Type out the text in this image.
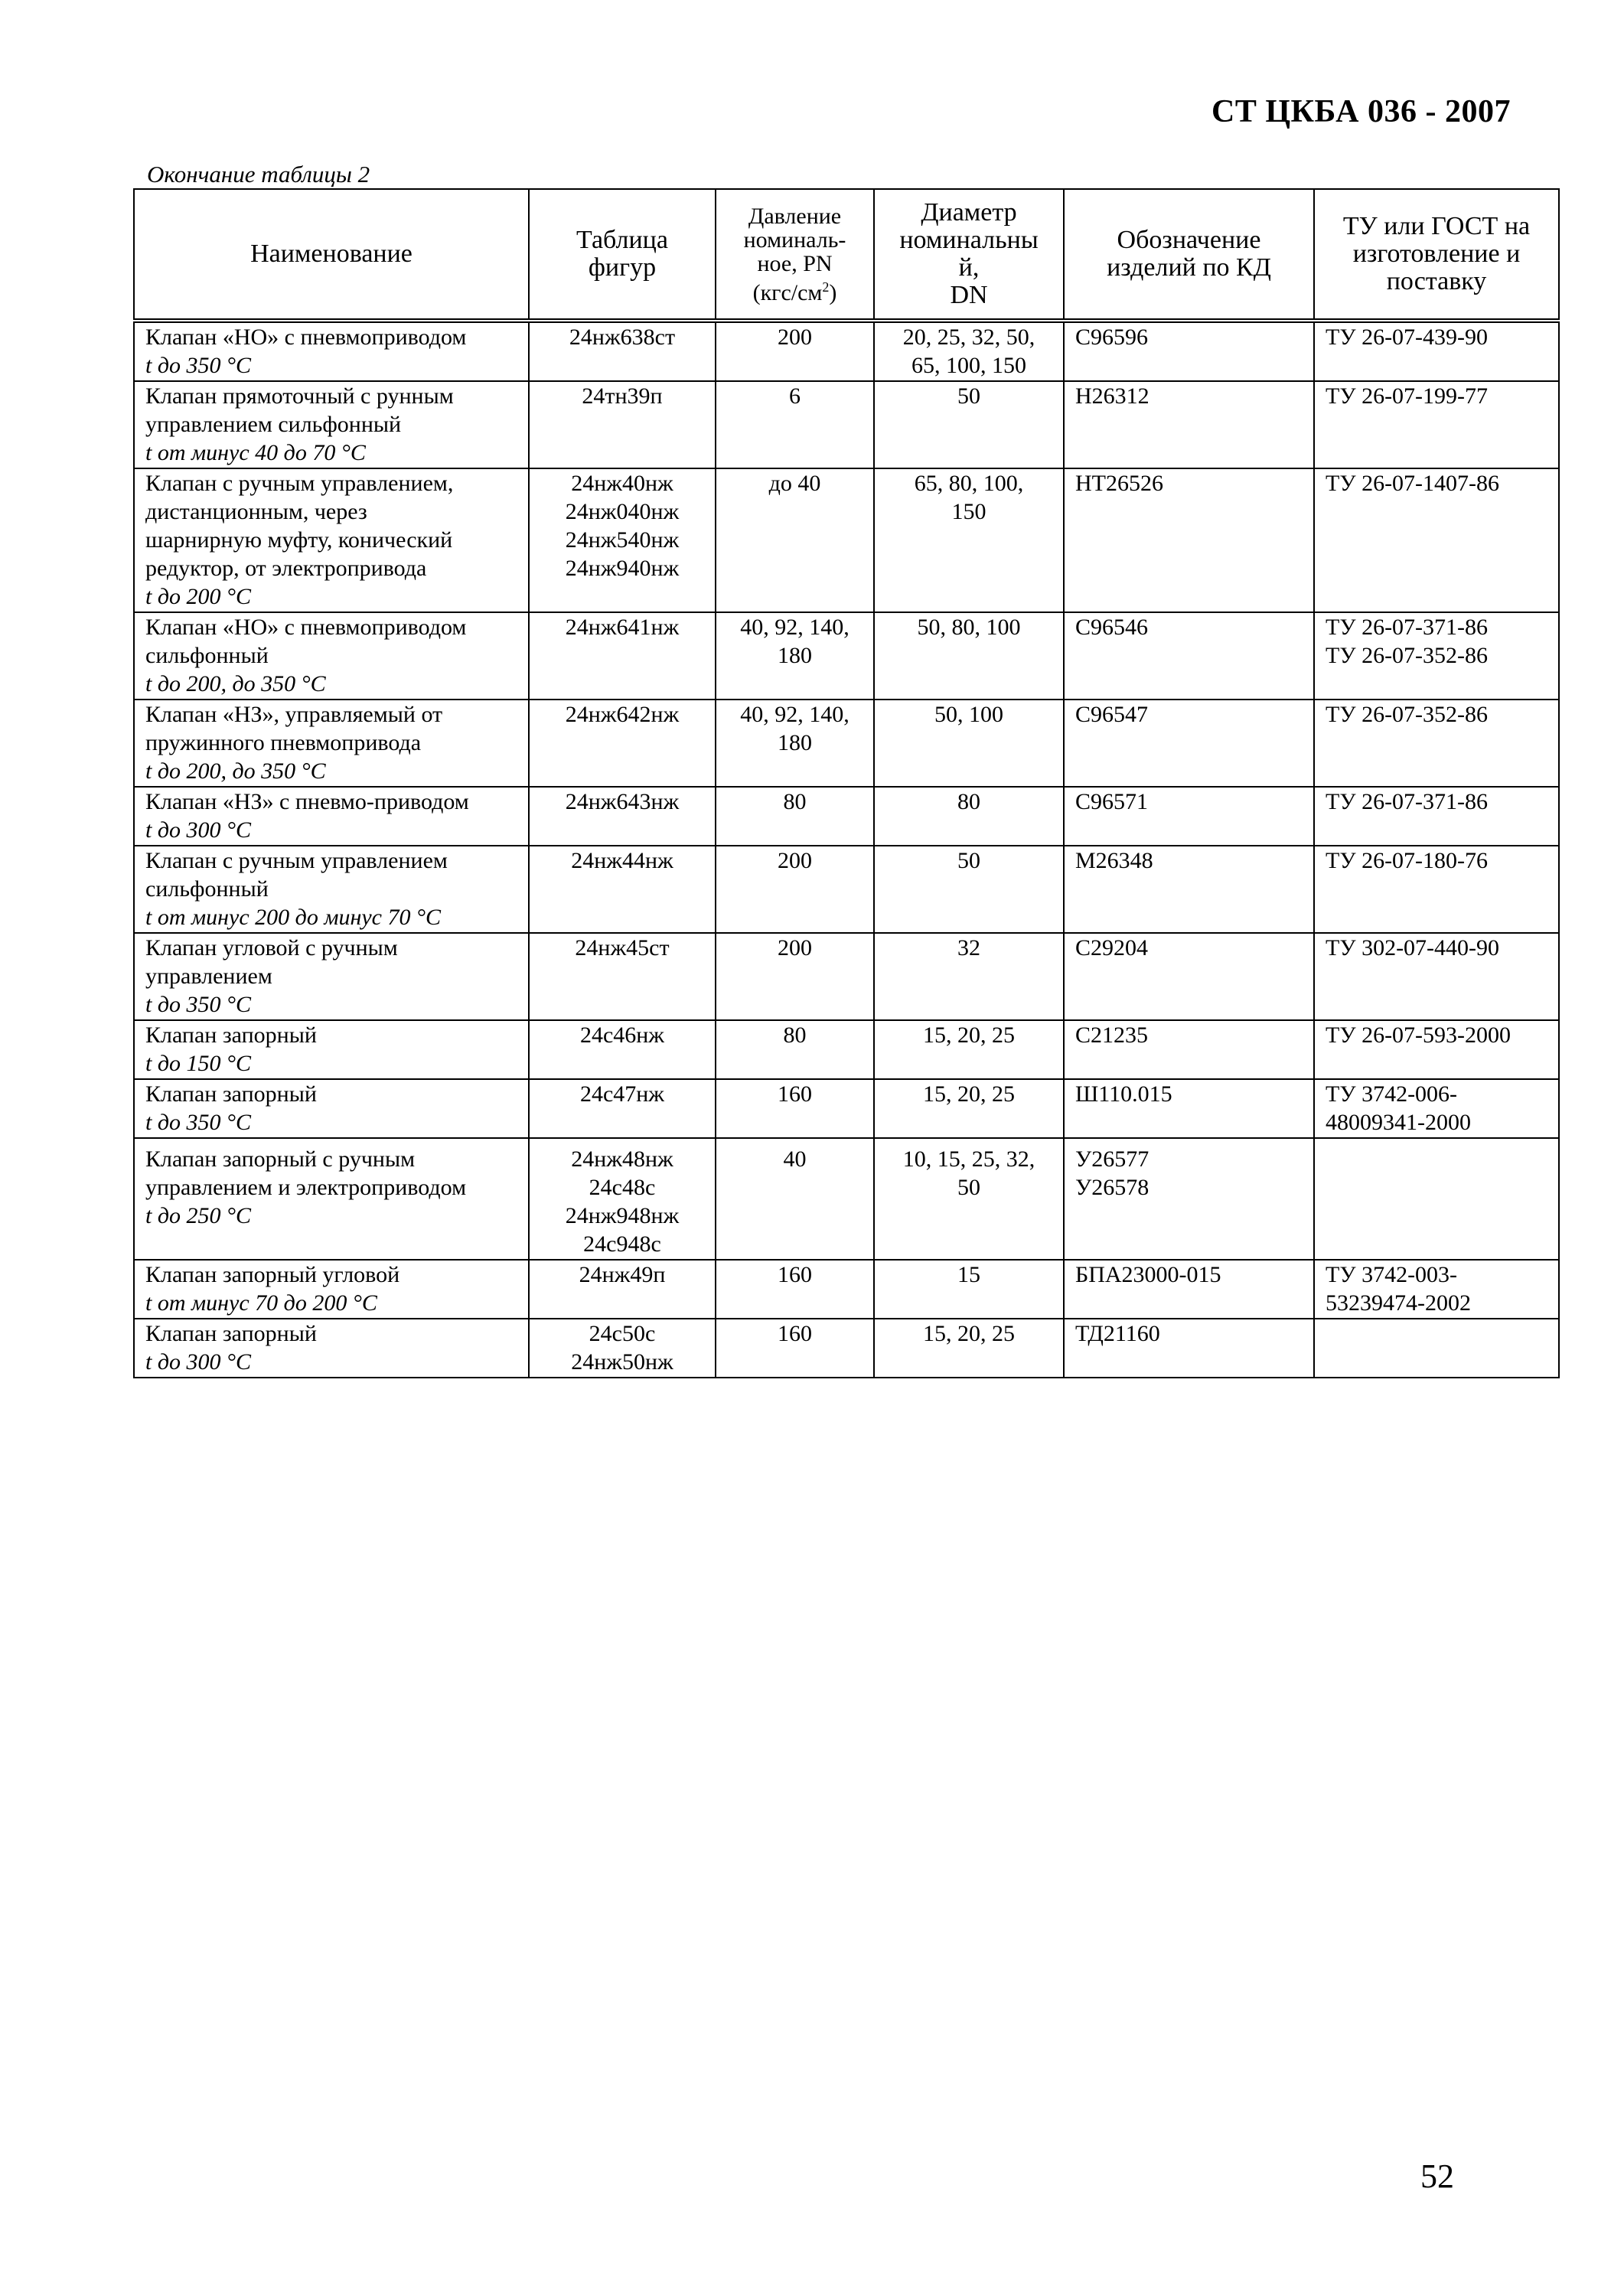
СТ ЦКБА 036 - 2007
Окончание таблицы 2
Наименование	Таблица
фигур	Давление
номиналь-
ное, PN
$(кгс/см^2)$	Диаметр
номинальны
й,
DN	Обозначение
изделий по КД	ТУ или ГОСТ на
изготовление и
поставку

Клапан «НО» с пневмоприводом
t до 350 °С	24нж638ст	200	20, 25, 32, 50,
65, 100, 150	С96596	ТУ 26-07-439-90

Клапан прямоточный с рунным
управлением сильфонный
t от минус 40 до 70 °С	24тн39п	6	50	Н26312	ТУ 26-07-199-77

Клапан с ручным управлением,
дистанционным, через
шарнирную муфту, конический
редуктор, от электропривода
t до 200 °С	24нж40нж
24нж040нж
24нж540нж
24нж940нж	до 40	65, 80, 100,
150	НТ26526	ТУ 26-07-1407-86

Клапан «НО» с пневмоприводом
сильфонный
t до 200, до 350 °С	24нж641нж	40, 92, 140,
180	50, 80, 100	С96546	ТУ 26-07-371-86
ТУ 26-07-352-86

Клапан «НЗ», управляемый от
пружинного пневмопривода
t до 200, до 350 °С	24нж642нж	40, 92, 140,
180	50, 100	С96547	ТУ 26-07-352-86

Клапан «НЗ» с пневмо-приводом
t до 300 °С	24нж643нж	80	80	С96571	ТУ 26-07-371-86

Клапан с ручным управлением
сильфонный
t от минус 200 до минус 70 °С	24нж44нж	200	50	М26348	ТУ 26-07-180-76

Клапан угловой с ручным
управлением
t до 350 °С	24нж45ст	200	32	С29204	ТУ 302-07-440-90

Клапан запорный
t до 150 °С	24с46нж	80	15, 20, 25	С21235	ТУ 26-07-593-2000

Клапан запорный
t до 350 °С	24с47нж	160	15, 20, 25	Ш110.015	ТУ 3742-006-
48009341-2000

Клапан запорный с ручным
управлением и электроприводом
t до 250 °С	24нж48нж
24с48с
24нж948нж
24с948с	40	10, 15, 25, 32,
50	У26577
У26578	

Клапан запорный угловой
t от минус 70 до 200 °С	24нж49п	160	15	БПА23000-015	ТУ 3742-003-
53239474-2002

Клапан запорный
t до 300 °С	24с50с
24нж50нж	160	15, 20, 25	ТД21160	

52
